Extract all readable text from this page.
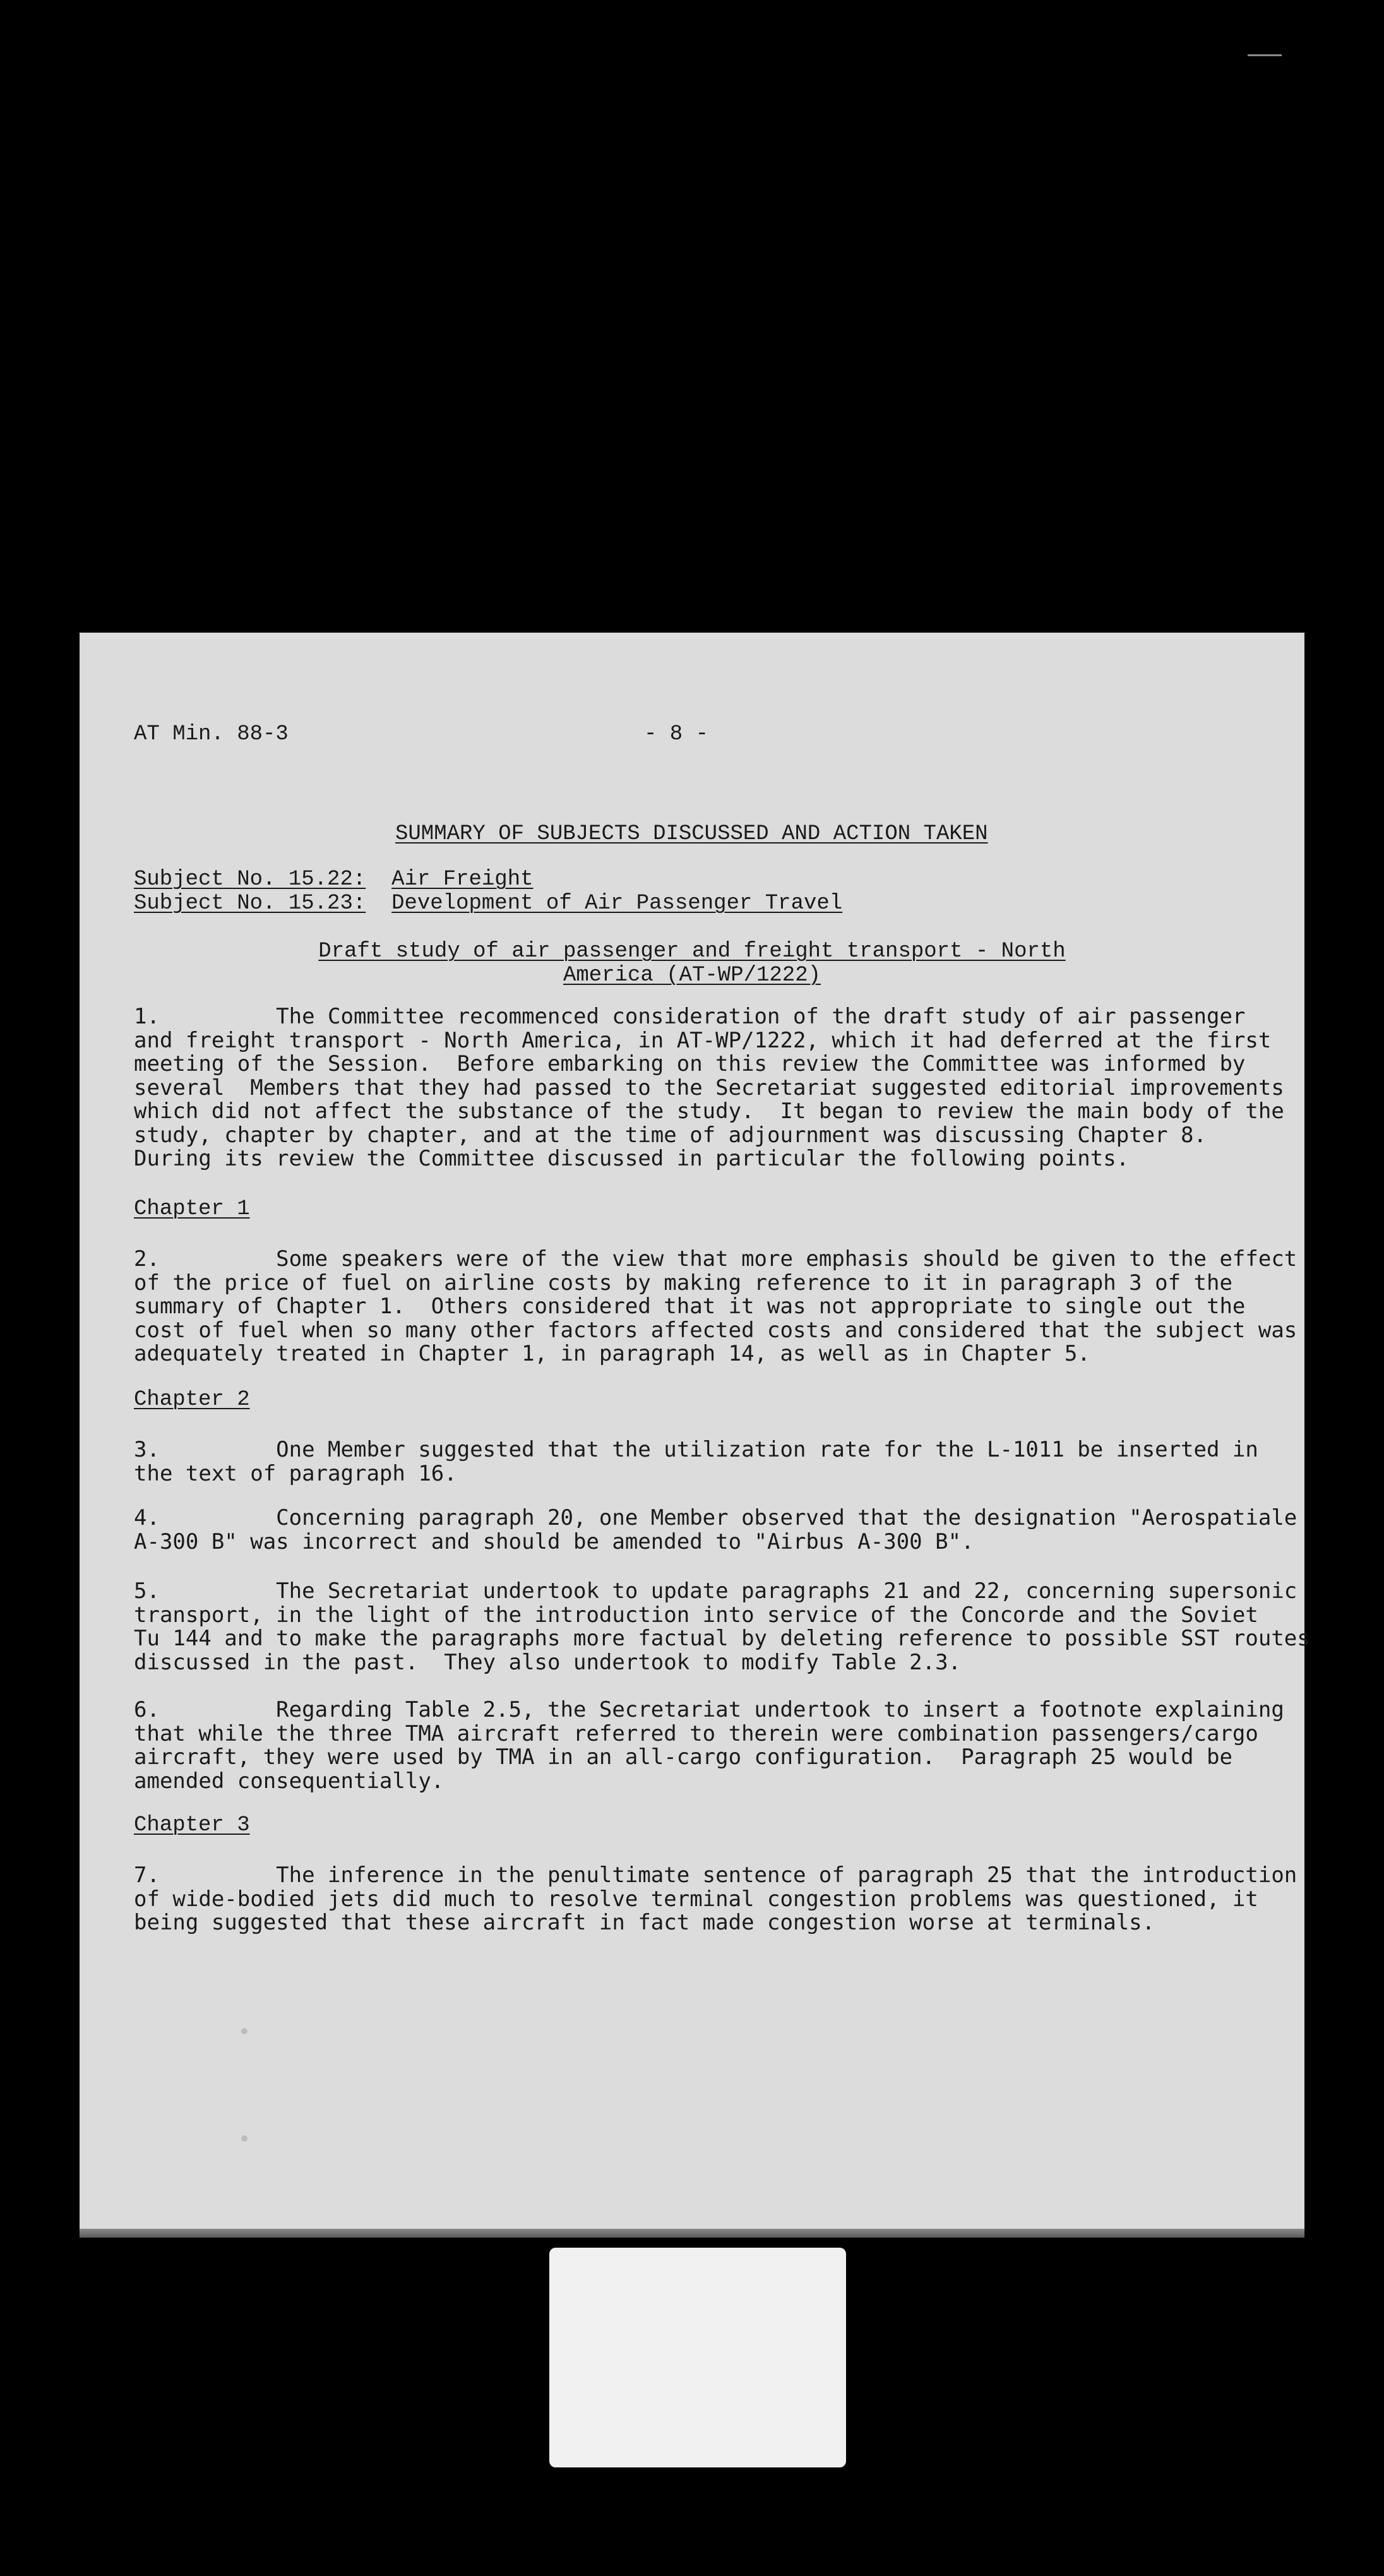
AT Min. 88-3	- 8 -
SUMMARY OF SUBJECTS DISCUSSED AND ACTION TAKEN
Subject No. 15.22: Air Freight
Subject No. 15.23: Development of Air Passenger Travel
Draft study of air passenger and freight transport - North
America (AT-WP/1222)
1.         The Committee recommenced consideration of the draft study of air passenger
and freight transport - North America, in AT-WP/1222, which it had deferred at the first
meeting of the Session.  Before embarking on this review the Committee was informed by
several  Members that they had passed to the Secretariat suggested editorial improvements
which did not affect the substance of the study.  It began to review the main body of the
study, chapter by chapter, and at the time of adjournment was discussing Chapter 8.
During its review the Committee discussed in particular the following points.
Chapter 1
2.         Some speakers were of the view that more emphasis should be given to the effect
of the price of fuel on airline costs by making reference to it in paragraph 3 of the
summary of Chapter 1.  Others considered that it was not appropriate to single out the
cost of fuel when so many other factors affected costs and considered that the subject was
adequately treated in Chapter 1, in paragraph 14, as well as in Chapter 5.
Chapter 2
3.         One Member suggested that the utilization rate for the L-1011 be inserted in
the text of paragraph 16.
4.         Concerning paragraph 20, one Member observed that the designation "Aerospatiale
A-300 B" was incorrect and should be amended to "Airbus A-300 B".
5.         The Secretariat undertook to update paragraphs 21 and 22, concerning supersonic
transport, in the light of the introduction into service of the Concorde and the Soviet
Tu 144 and to make the paragraphs more factual by deleting reference to possible SST routes
discussed in the past.  They also undertook to modify Table 2.3.
6.         Regarding Table 2.5, the Secretariat undertook to insert a footnote explaining
that while the three TMA aircraft referred to therein were combination passengers/cargo
aircraft, they were used by TMA in an all-cargo configuration.  Paragraph 25 would be
amended consequentially.
Chapter 3
7.         The inference in the penultimate sentence of paragraph 25 that the introduction
of wide-bodied jets did much to resolve terminal congestion problems was questioned, it
being suggested that these aircraft in fact made congestion worse at terminals.
